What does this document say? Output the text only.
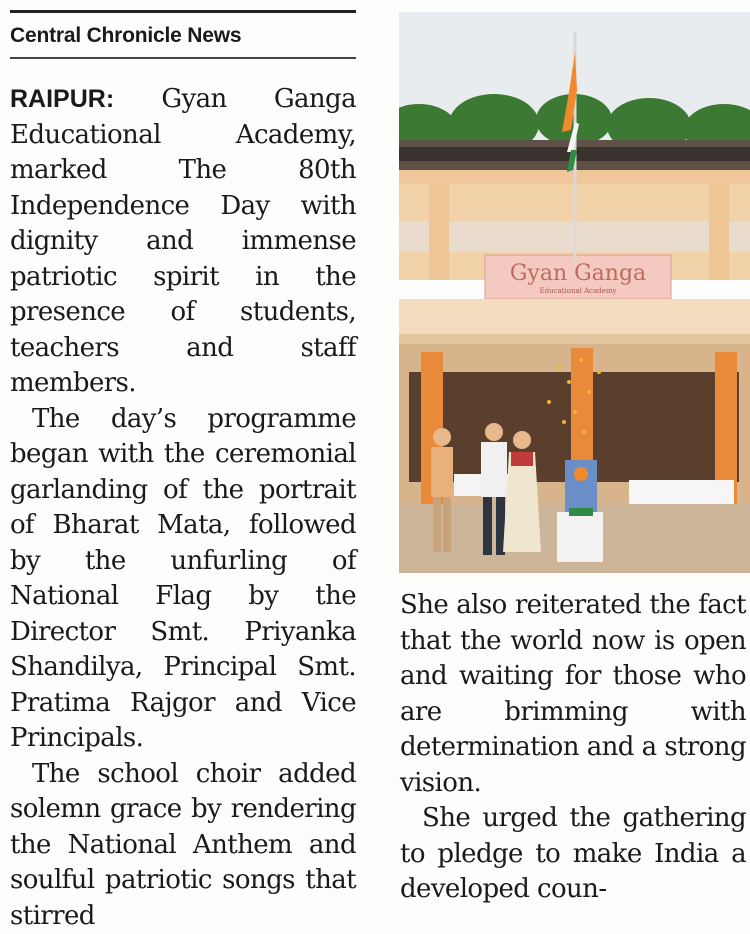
Central Chronicle News

RAIPUR: Gyan Ganga Educational Academy, marked The 80th Independence Day with dignity and immense patriotic spirit in the presence of students, teachers and staff members.

The day’s programme began with the ceremonial garlanding of the portrait of Bharat Mata, followed by the unfurling of National Flag by the Director Smt. Priyanka Shandilya, Principal Smt. Pratima Rajgor and Vice Principals.

The school choir added solemn grace by rendering the National Anthem and soulful patriotic songs that stirred

Gyan Ganga
Educational Academy

She also reiterated the fact that the world now is open and waiting for those who are brimming with determination and a strong vision.

She urged the gathering to pledge to make India a developed coun-
